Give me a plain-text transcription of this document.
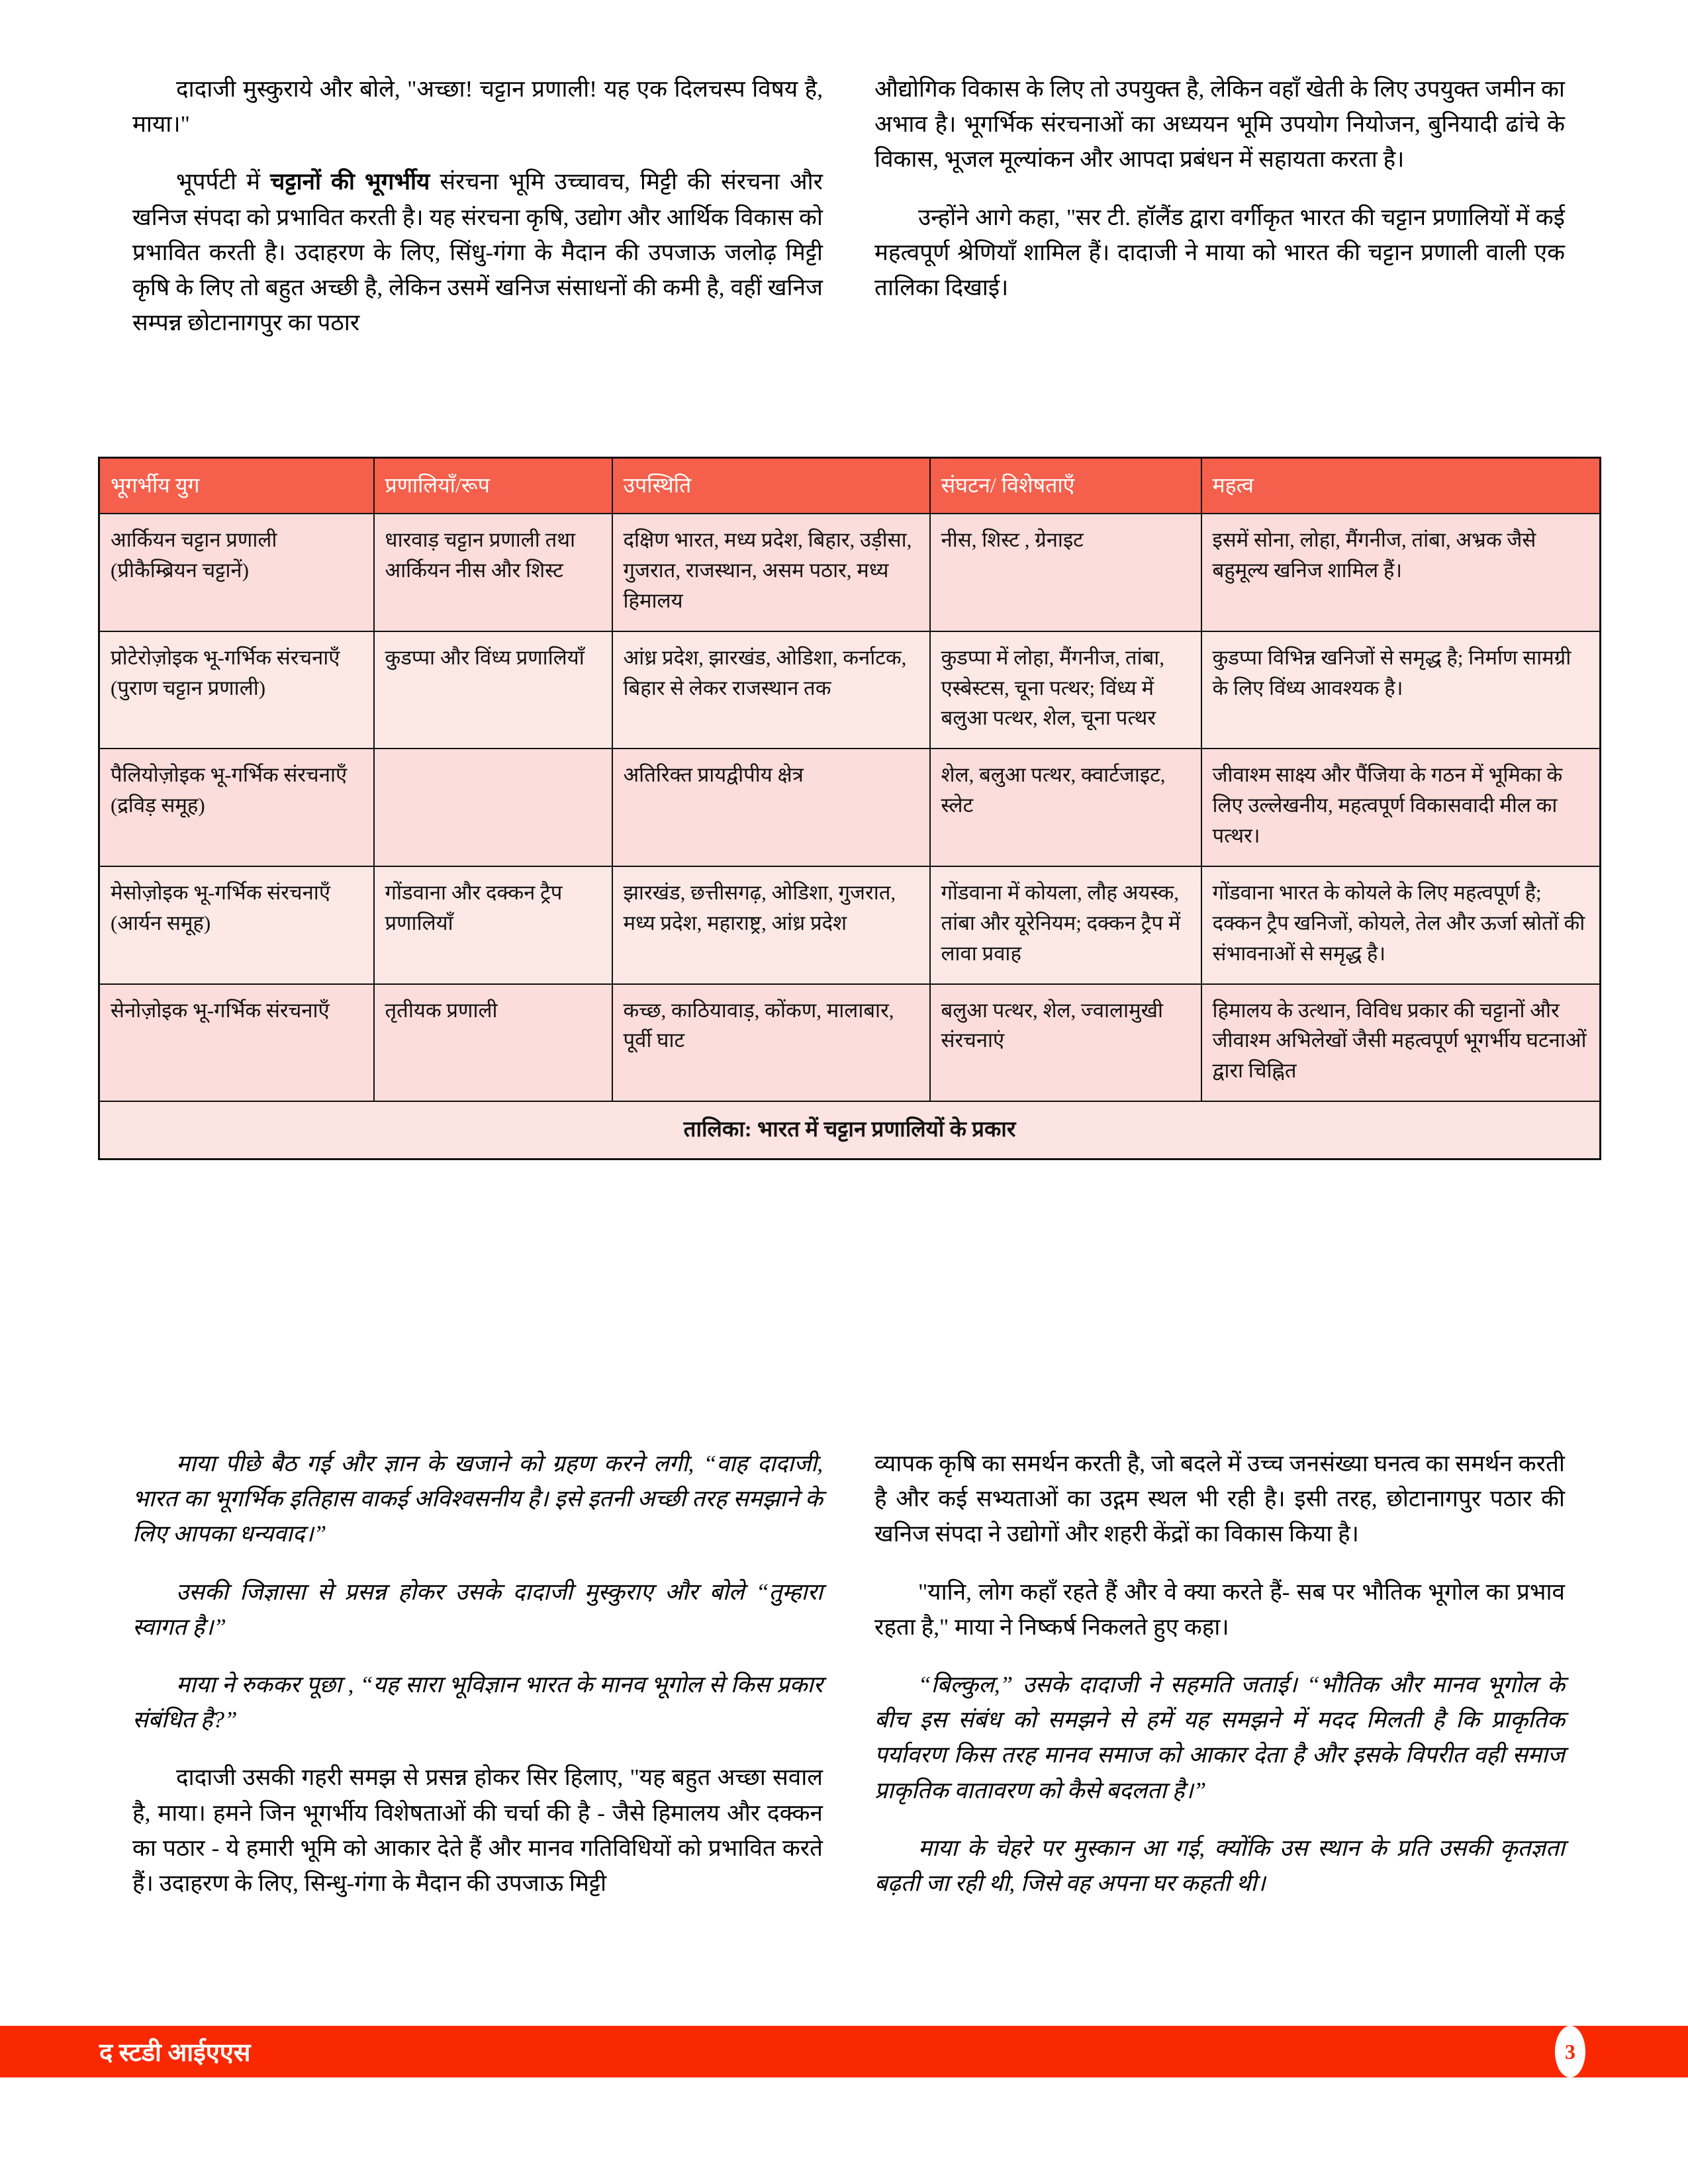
दादाजी मुस्कुराये और बोले, "अच्छा! चट्टान प्रणाली! यह एक दिलचस्प विषय है, माया।"

भूपर्पटी में चट्टानों की भूगर्भीय संरचना भूमि उच्चावच, मिट्टी की संरचना और खनिज संपदा को प्रभावित करती है। यह संरचना कृषि, उद्योग और आर्थिक विकास को प्रभावित करती है। उदाहरण के लिए, सिंधु-गंगा के मैदान की उपजाऊ जलोढ़ मिट्टी कृषि के लिए तो बहुत अच्छी है, लेकिन उसमें खनिज संसाधनों की कमी है, वहीं खनिज सम्पन्न छोटानागपुर का पठार

औद्योगिक विकास के लिए तो उपयुक्त है, लेकिन वहाँ खेती के लिए उपयुक्त जमीन का अभाव है। भूगर्भिक संरचनाओं का अध्ययन भूमि उपयोग नियोजन, बुनियादी ढांचे के विकास, भूजल मूल्यांकन और आपदा प्रबंधन में सहायता करता है।

उन्होंने आगे कहा, "सर टी. हॉलैंड द्वारा वर्गीकृत भारत की चट्टान प्रणालियों में कई महत्वपूर्ण श्रेणियाँ शामिल हैं। दादाजी ने माया को भारत की चट्टान प्रणाली वाली एक तालिका दिखाई।

भूगर्भीय युग	प्रणालियाँ/रूप	उपस्थिति	संघटन/ विशेषताएँ	महत्व
आर्कियन चट्टान प्रणाली (प्रीकैम्ब्रियन चट्टानें)	धारवाड़ चट्टान प्रणाली तथा आर्कियन नीस और शिस्ट	दक्षिण भारत, मध्य प्रदेश, बिहार, उड़ीसा, गुजरात, राजस्थान, असम पठार, मध्य हिमालय	नीस, शिस्ट , ग्रेनाइट	इसमें सोना, लोहा, मैंगनीज, तांबा, अभ्रक जैसे बहुमूल्य खनिज शामिल हैं।
प्रोटेरोज़ोइक भू-गर्भिक संरचनाएँ (पुराण चट्टान प्रणाली)	कुडप्पा और विंध्य प्रणालियाँ	आंध्र प्रदेश, झारखंड, ओडिशा, कर्नाटक, बिहार से लेकर राजस्थान तक	कुडप्पा में लोहा, मैंगनीज, तांबा, एस्बेस्टस, चूना पत्थर; विंध्य में बलुआ पत्थर, शेल, चूना पत्थर	कुडप्पा विभिन्न खनिजों से समृद्ध है; निर्माण सामग्री के लिए विंध्य आवश्यक है।
पैलियोज़ोइक भू-गर्भिक संरचनाएँ (द्रविड़ समूह)		अतिरिक्त प्रायद्वीपीय क्षेत्र	शेल, बलुआ पत्थर, क्वार्टजाइट, स्लेट	जीवाश्म साक्ष्य और पैंजिया के गठन में भूमिका के लिए उल्लेखनीय, महत्वपूर्ण विकासवादी मील का पत्थर।
मेसोज़ोइक भू-गर्भिक संरचनाएँ (आर्यन समूह)	गोंडवाना और दक्कन ट्रैप प्रणालियाँ	झारखंड, छत्तीसगढ़, ओडिशा, गुजरात, मध्य प्रदेश, महाराष्ट्र, आंध्र प्रदेश	गोंडवाना में कोयला, लौह अयस्क, तांबा और यूरेनियम; दक्कन ट्रैप में लावा प्रवाह	गोंडवाना भारत के कोयले के लिए महत्वपूर्ण है; दक्कन ट्रैप खनिजों, कोयले, तेल और ऊर्जा स्रोतों की संभावनाओं से समृद्ध है।
सेनोज़ोइक भू-गर्भिक संरचनाएँ	तृतीयक प्रणाली	कच्छ, काठियावाड़, कोंकण, मालाबार, पूर्वी घाट	बलुआ पत्थर, शेल, ज्वालामुखी संरचनाएं	हिमालय के उत्थान, विविध प्रकार की चट्टानों और जीवाश्म अभिलेखों जैसी महत्वपूर्ण भूगर्भीय घटनाओं द्वारा चिह्नित
तालिका: भारत में चट्टान प्रणालियों के प्रकार				

माया पीछे बैठ गई और ज्ञान के खजाने को ग्रहण करने लगी, “वाह दादाजी, भारत का भूगर्भिक इतिहास वाकई अविश्वसनीय है। इसे इतनी अच्छी तरह समझाने के लिए आपका धन्यवाद।”

उसकी जिज्ञासा से प्रसन्न होकर उसके दादाजी मुस्कुराए और बोले “तुम्हारा स्वागत है।”

माया ने रुककर पूछा , “यह सारा भूविज्ञान भारत के मानव भूगोल से किस प्रकार संबंधित है?”

दादाजी उसकी गहरी समझ से प्रसन्न होकर सिर हिलाए, "यह बहुत अच्छा सवाल है, माया। हमने जिन भूगर्भीय विशेषताओं की चर्चा की है - जैसे हिमालय और दक्कन का पठार - ये हमारी भूमि को आकार देते हैं और मानव गतिविधियों को प्रभावित करते हैं। उदाहरण के लिए, सिन्धु-गंगा के मैदान की उपजाऊ मिट्टी

व्यापक कृषि का समर्थन करती है, जो बदले में उच्च जनसंख्या घनत्व का समर्थन करती है और कई सभ्यताओं का उद्गम स्थल भी रही है। इसी तरह, छोटानागपुर पठार की खनिज संपदा ने उद्योगों और शहरी केंद्रों का विकास किया है।

"यानि, लोग कहाँ रहते हैं और वे क्या करते हैं- सब पर भौतिक भूगोल का प्रभाव रहता है," माया ने निष्कर्ष निकलते हुए कहा।

“बिल्कुल,” उसके दादाजी ने सहमति जताई। “भौतिक और मानव भूगोल के बीच इस संबंध को समझने से हमें यह समझने में मदद मिलती है कि प्राकृतिक पर्यावरण किस तरह मानव समाज को आकार देता है और इसके विपरीत वही समाज प्राकृतिक वातावरण को कैसे बदलता है।”

माया के चेहरे पर मुस्कान आ गई, क्योंकि उस स्थान के प्रति उसकी कृतज्ञता बढ़ती जा रही थी, जिसे वह अपना घर कहती थी।

द स्टडी आईएएस	3
